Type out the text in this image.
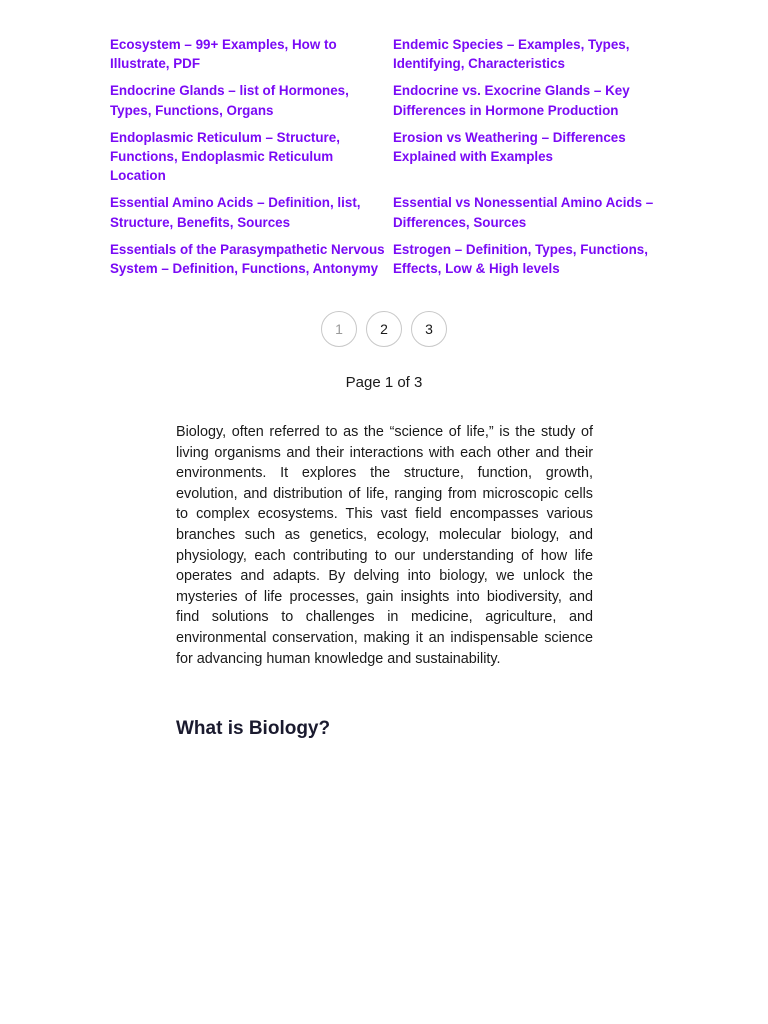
Ecosystem – 99+ Examples, How to Illustrate, PDF
Endemic Species – Examples, Types, Identifying, Characteristics
Endocrine Glands – list of Hormones, Types, Functions, Organs
Endocrine vs. Exocrine Glands – Key Differences in Hormone Production
Endoplasmic Reticulum – Structure, Functions, Endoplasmic Reticulum Location
Erosion vs Weathering – Differences Explained with Examples
Essential Amino Acids – Definition, list, Structure, Benefits, Sources
Essential vs Nonessential Amino Acids – Differences, Sources
Essentials of the Parasympathetic Nervous System – Definition, Functions, Antonymy
Estrogen – Definition, Types, Functions, Effects, Low & High levels
1	2	3
Page 1 of 3

Biology, often referred to as the “science of life,” is the study of living organisms and their interactions with each other and their environments. It explores the structure, function, growth, evolution, and distribution of life, ranging from microscopic cells to complex ecosystems. This vast field encompasses various branches such as genetics, ecology, molecular biology, and physiology, each contributing to our understanding of how life operates and adapts. By delving into biology, we unlock the mysteries of life processes, gain insights into biodiversity, and find solutions to challenges in medicine, agriculture, and environmental conservation, making it an indispensable science for advancing human knowledge and sustainability.

What is Biology?
